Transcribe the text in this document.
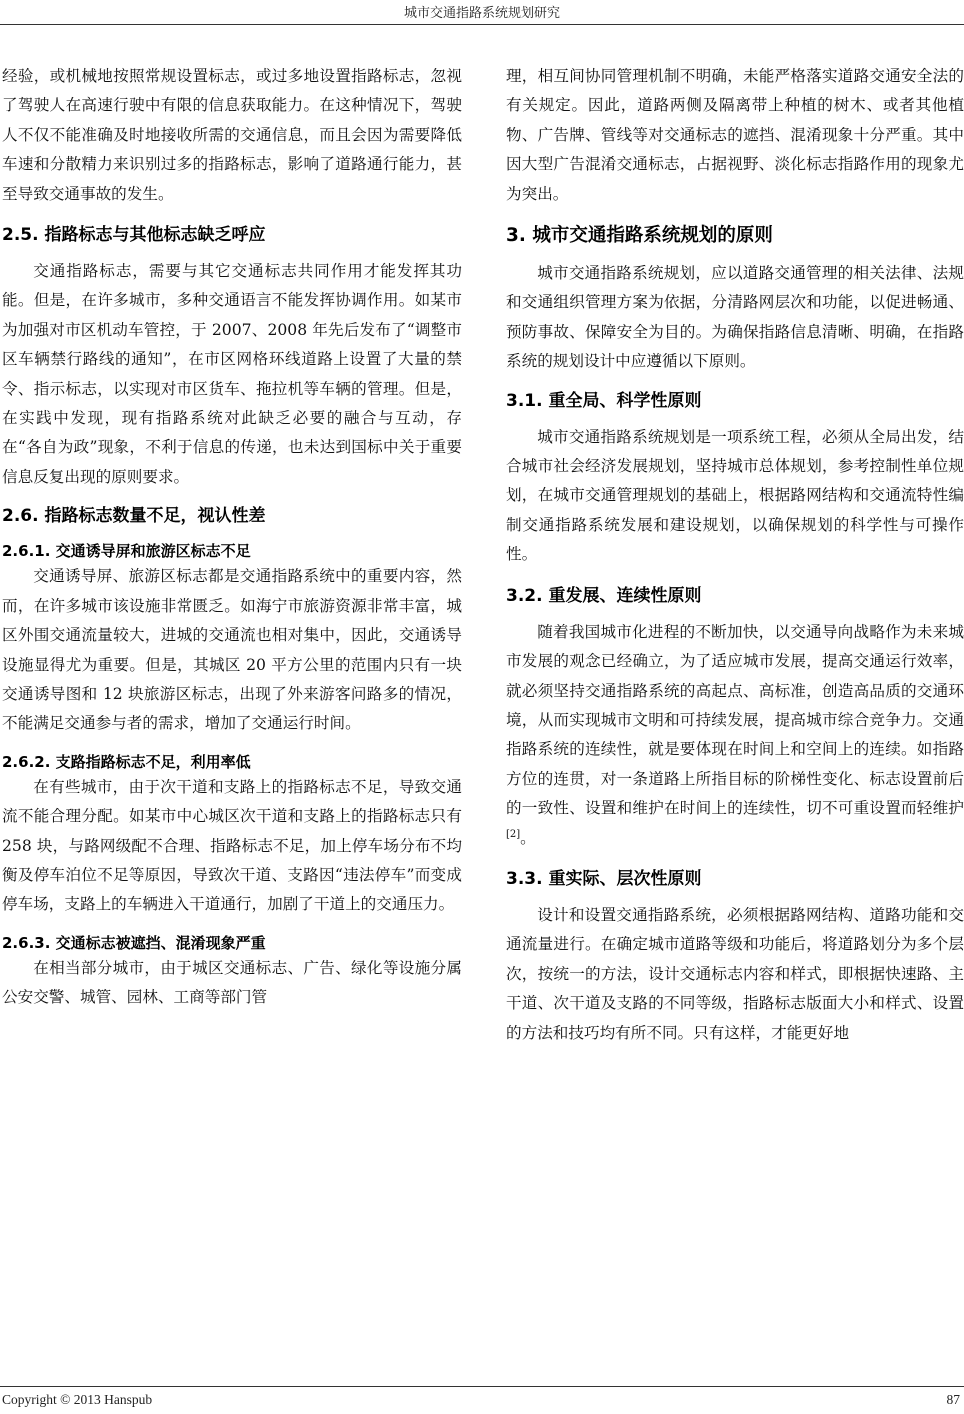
城市交通指路系统规划研究

经验，或机械地按照常规设置标志，或过多地设置指路标志，忽视了驾驶人在高速行驶中有限的信息获取能力。在这种情况下，驾驶人不仅不能准确及时地接收所需的交通信息，而且会因为需要降低车速和分散精力来识别过多的指路标志，影响了道路通行能力，甚至导致交通事故的发生。

2.5. 指路标志与其他标志缺乏呼应

交通指路标志，需要与其它交通标志共同作用才能发挥其功能。但是，在许多城市，多种交通语言不能发挥协调作用。如某市为加强对市区机动车管控，于 2007、2008 年先后发布了“调整市区车辆禁行路线的通知”，在市区网格环线道路上设置了大量的禁令、指示标志，以实现对市区货车、拖拉机等车辆的管理。但是，在实践中发现，现有指路系统对此缺乏必要的融合与互动，存在“各自为政”现象，不利于信息的传递，也未达到国标中关于重要信息反复出现的原则要求。

2.6. 指路标志数量不足，视认性差
2.6.1. 交通诱导屏和旅游区标志不足

交通诱导屏、旅游区标志都是交通指路系统中的重要内容，然而，在许多城市该设施非常匮乏。如海宁市旅游资源非常丰富，城区外围交通流量较大，进城的交通流也相对集中，因此，交通诱导设施显得尤为重要。但是，其城区 20 平方公里的范围内只有一块交通诱导图和 12 块旅游区标志，出现了外来游客问路多的情况，不能满足交通参与者的需求，增加了交通运行时间。

2.6.2. 支路指路标志不足，利用率低

在有些城市，由于次干道和支路上的指路标志不足，导致交通流不能合理分配。如某市中心城区次干道和支路上的指路标志只有 258 块，与路网级配不合理、指路标志不足，加上停车场分布不均衡及停车泊位不足等原因，导致次干道、支路因“违法停车”而变成停车场，支路上的车辆进入干道通行，加剧了干道上的交通压力。

2.6.3. 交通标志被遮挡、混淆现象严重

在相当部分城市，由于城区交通标志、广告、绿化等设施分属公安交警、城管、园林、工商等部门管

理，相互间协同管理机制不明确，未能严格落实道路交通安全法的有关规定。因此，道路两侧及隔离带上种植的树木、或者其他植物、广告牌、管线等对交通标志的遮挡、混淆现象十分严重。其中因大型广告混淆交通标志，占据视野、淡化标志指路作用的现象尤为突出。

3. 城市交通指路系统规划的原则

城市交通指路系统规划，应以道路交通管理的相关法律、法规和交通组织管理方案为依据，分清路网层次和功能，以促进畅通、预防事故、保障安全为目的。为确保指路信息清晰、明确，在指路系统的规划设计中应遵循以下原则。

3.1. 重全局、科学性原则

城市交通指路系统规划是一项系统工程，必须从全局出发，结合城市社会经济发展规划，坚持城市总体规划，参考控制性单位规划，在城市交通管理规划的基础上，根据路网结构和交通流特性编制交通指路系统发展和建设规划，以确保规划的科学性与可操作性。

3.2. 重发展、连续性原则

随着我国城市化进程的不断加快，以交通导向战略作为未来城市发展的观念已经确立，为了适应城市发展，提高交通运行效率，就必须坚持交通指路系统的高起点、高标准，创造高品质的交通环境，从而实现城市文明和可持续发展，提高城市综合竞争力。交通指路系统的连续性，就是要体现在时间上和空间上的连续。如指路方位的连贯，对一条道路上所指目标的阶梯性变化、标志设置前后的一致性、设置和维护在时间上的连续性，切不可重设置而轻维护[2]。

3.3. 重实际、层次性原则

设计和设置交通指路系统，必须根据路网结构、道路功能和交通流量进行。在确定城市道路等级和功能后，将道路划分为多个层次，按统一的方法，设计交通标志内容和样式，即根据快速路、主干道、次干道及支路的不同等级，指路标志版面大小和样式、设置的方法和技巧均有所不同。只有这样，才能更好地

Copyright © 2013 Hanspub	87
